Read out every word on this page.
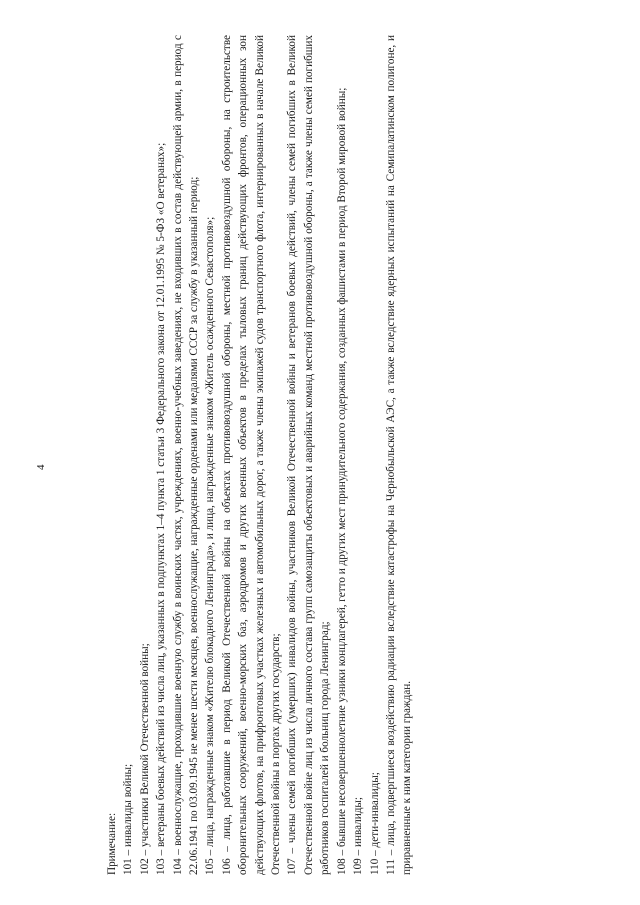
4

Примечание: 101 – инвалиды войны; 102 – участники Великой Отечественной войны; 103 – ветераны боевых действий из числа лиц, указанных в подпунктах 1–4 пункта 1 статьи 3 Федерального закона от 12.01.1995 № 5-ФЗ «О ветеранах»; 104 – военнослужащие, проходившие военную службу в воинских частях, учреждениях, военно-учебных заведениях, не входивших в состав действующей армии, в период с 22.06.1941 по 03.09.1945 не менее шести месяцев, военнослужащие, награжденные орденами или медалями СССР за службу в указанный период; 105 – лица, награжденные знаком «Жителю блокадного Ленинграда», и лица, награжденные знаком «Житель осажденного Севастополя»; 106 – лица, работавшие в период Великой Отечественной войны на объектах противовоздушной обороны, местной противовоздушной обороны, на строительстве оборонительных сооружений, военно-морских баз, аэродромов и других военных объектов в пределах тыловых границ действующих фронтов, операционных зон действующих флотов, на прифронтовых участках железных и автомобильных дорог, а также члены экипажей судов транспортного флота, интернированных в начале Великой Отечественной войны в портах других государств; 107 – члены семей погибших (умерших) инвалидов войны, участников Великой Отечественной войны и ветеранов боевых действий, члены семей погибших в Великой Отечественной войне лиц из числа личного состава групп самозащиты объектовых и аварийных команд местной противовоздушной обороны, а также члены семей погибших работников госпиталей и больниц города Ленинград; 108 – бывшие несовершеннолетние узники концлагерей, гетто и других мест принудительного содержания, созданных фашистами в период Второй мировой войны; 109 – инвалиды; 110 – дети-инвалиды; 111 – лица, подвергшиеся воздействию радиации вследствие катастрофы на Чернобыльской АЭС, а также вследствие ядерных испытаний на Семипалатинском полигоне, и приравненные к ним категории граждан.
